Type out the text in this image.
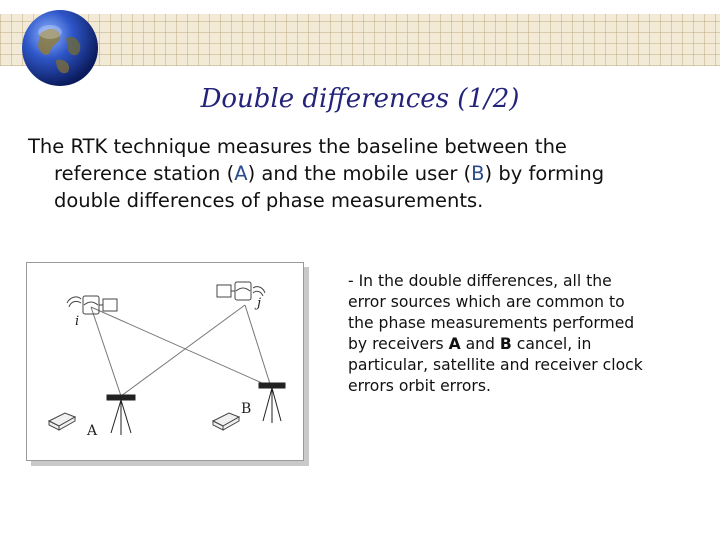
Double differences (1/2)
The RTK technique measures the baseline between the
reference station (A) and the mobile user (B) by forming
double differences of phase measurements.
i
j
A
B
- In the double differences, all the
error sources which are common to
the phase measurements performed
by receivers A and B cancel, in
particular, satellite and receiver clock
errors orbit errors.
